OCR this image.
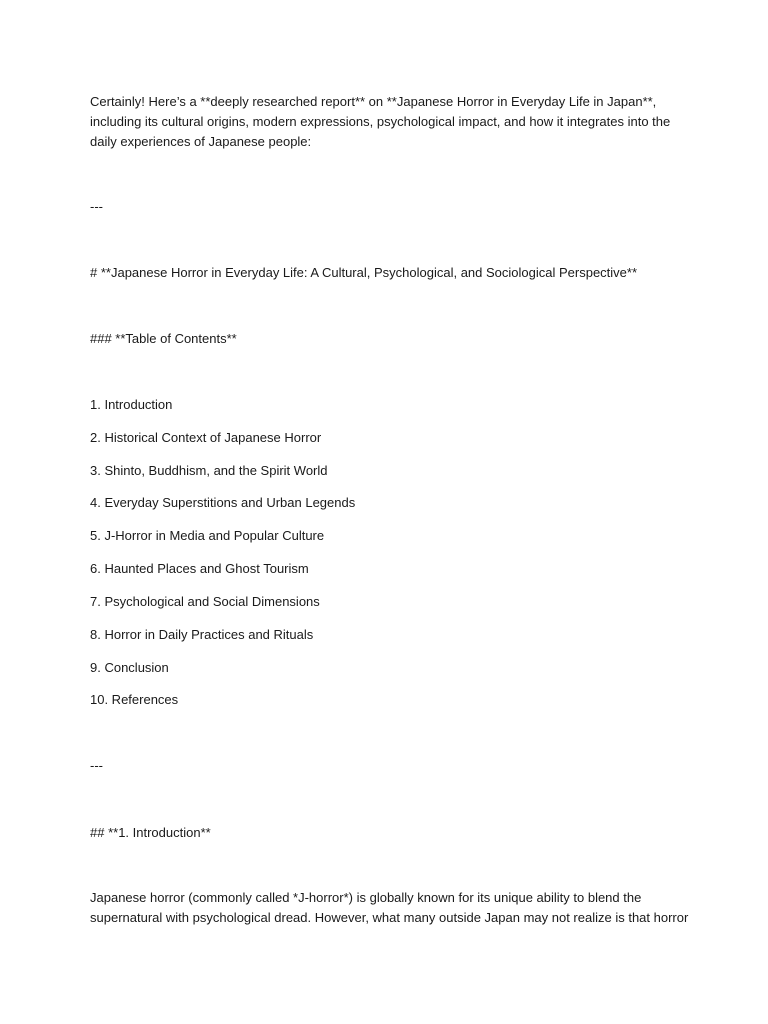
Certainly! Here’s a **deeply researched report** on **Japanese Horror in Everyday Life in Japan**,
including its cultural origins, modern expressions, psychological impact, and how it integrates into the
daily experiences of Japanese people:
---
# **Japanese Horror in Everyday Life: A Cultural, Psychological, and Sociological Perspective**
### **Table of Contents**
1. Introduction
2. Historical Context of Japanese Horror
3. Shinto, Buddhism, and the Spirit World
4. Everyday Superstitions and Urban Legends
5. J-Horror in Media and Popular Culture
6. Haunted Places and Ghost Tourism
7. Psychological and Social Dimensions
8. Horror in Daily Practices and Rituals
9. Conclusion
10. References
---
## **1. Introduction**
Japanese horror (commonly called *J-horror*) is globally known for its unique ability to blend the
supernatural with psychological dread. However, what many outside Japan may not realize is that horror
